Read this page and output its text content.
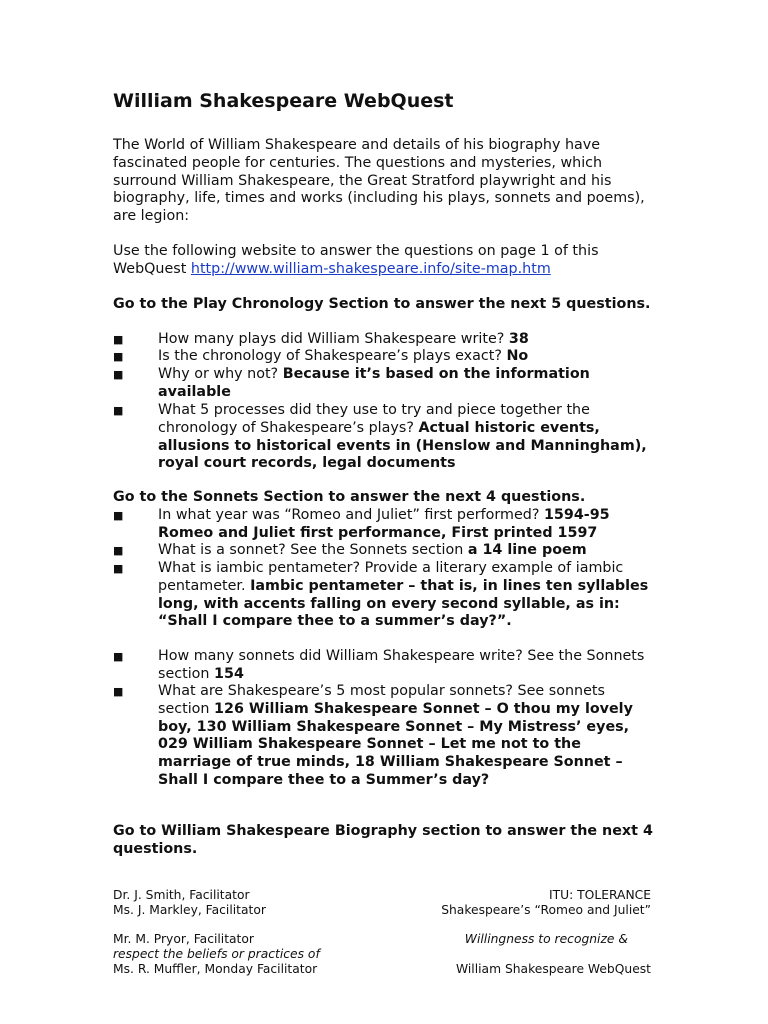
William Shakespeare WebQuest

The World of William Shakespeare and details of his biography have fascinated people for centuries. The questions and mysteries, which surround William Shakespeare, the Great Stratford playwright and his biography, life, times and works (including his plays, sonnets and poems), are legion:

Use the following website to answer the questions on page 1 of this WebQuest http://www.william-shakespeare.info/site-map.htm

Go to the Play Chronology Section to answer the next 5 questions.

■ How many plays did William Shakespeare write? 38
■ Is the chronology of Shakespeare’s plays exact? No
■ Why or why not? Because it’s based on the information available
■ What 5 processes did they use to try and piece together the chronology of Shakespeare’s plays? Actual historic events, allusions to historical events in (Henslow and Manningham), royal court records, legal documents

Go to the Sonnets Section to answer the next 4 questions.

■ In what year was “Romeo and Juliet” first performed? 1594-95 Romeo and Juliet first performance, First printed 1597
■ What is a sonnet? See the Sonnets section a 14 line poem
■ What is iambic pentameter? Provide a literary example of iambic pentameter. Iambic pentameter – that is, in lines ten syllables long, with accents falling on every second syllable, as in: “Shall I compare thee to a summer’s day?”.
■ How many sonnets did William Shakespeare write? See the Sonnets section 154
■ What are Shakespeare’s 5 most popular sonnets? See sonnets section 126 William Shakespeare Sonnet – O thou my lovely boy, 130 William Shakespeare Sonnet – My Mistress’ eyes, 029 William Shakespeare Sonnet – Let me not to the marriage of true minds, 18 William Shakespeare Sonnet – Shall I compare thee to a Summer’s day?

Go to William Shakespeare Biography section to answer the next 4 questions.

Dr. J. Smith, Facilitator
Ms. J. Markley, Facilitator
Mr. M. Pryor, Facilitator
respect the beliefs or practices of
Ms. R. Muffler, Monday Facilitator
ITU: TOLERANCE
Shakespeare’s “Romeo and Juliet”
Willingness to recognize &
William Shakespeare WebQuest
